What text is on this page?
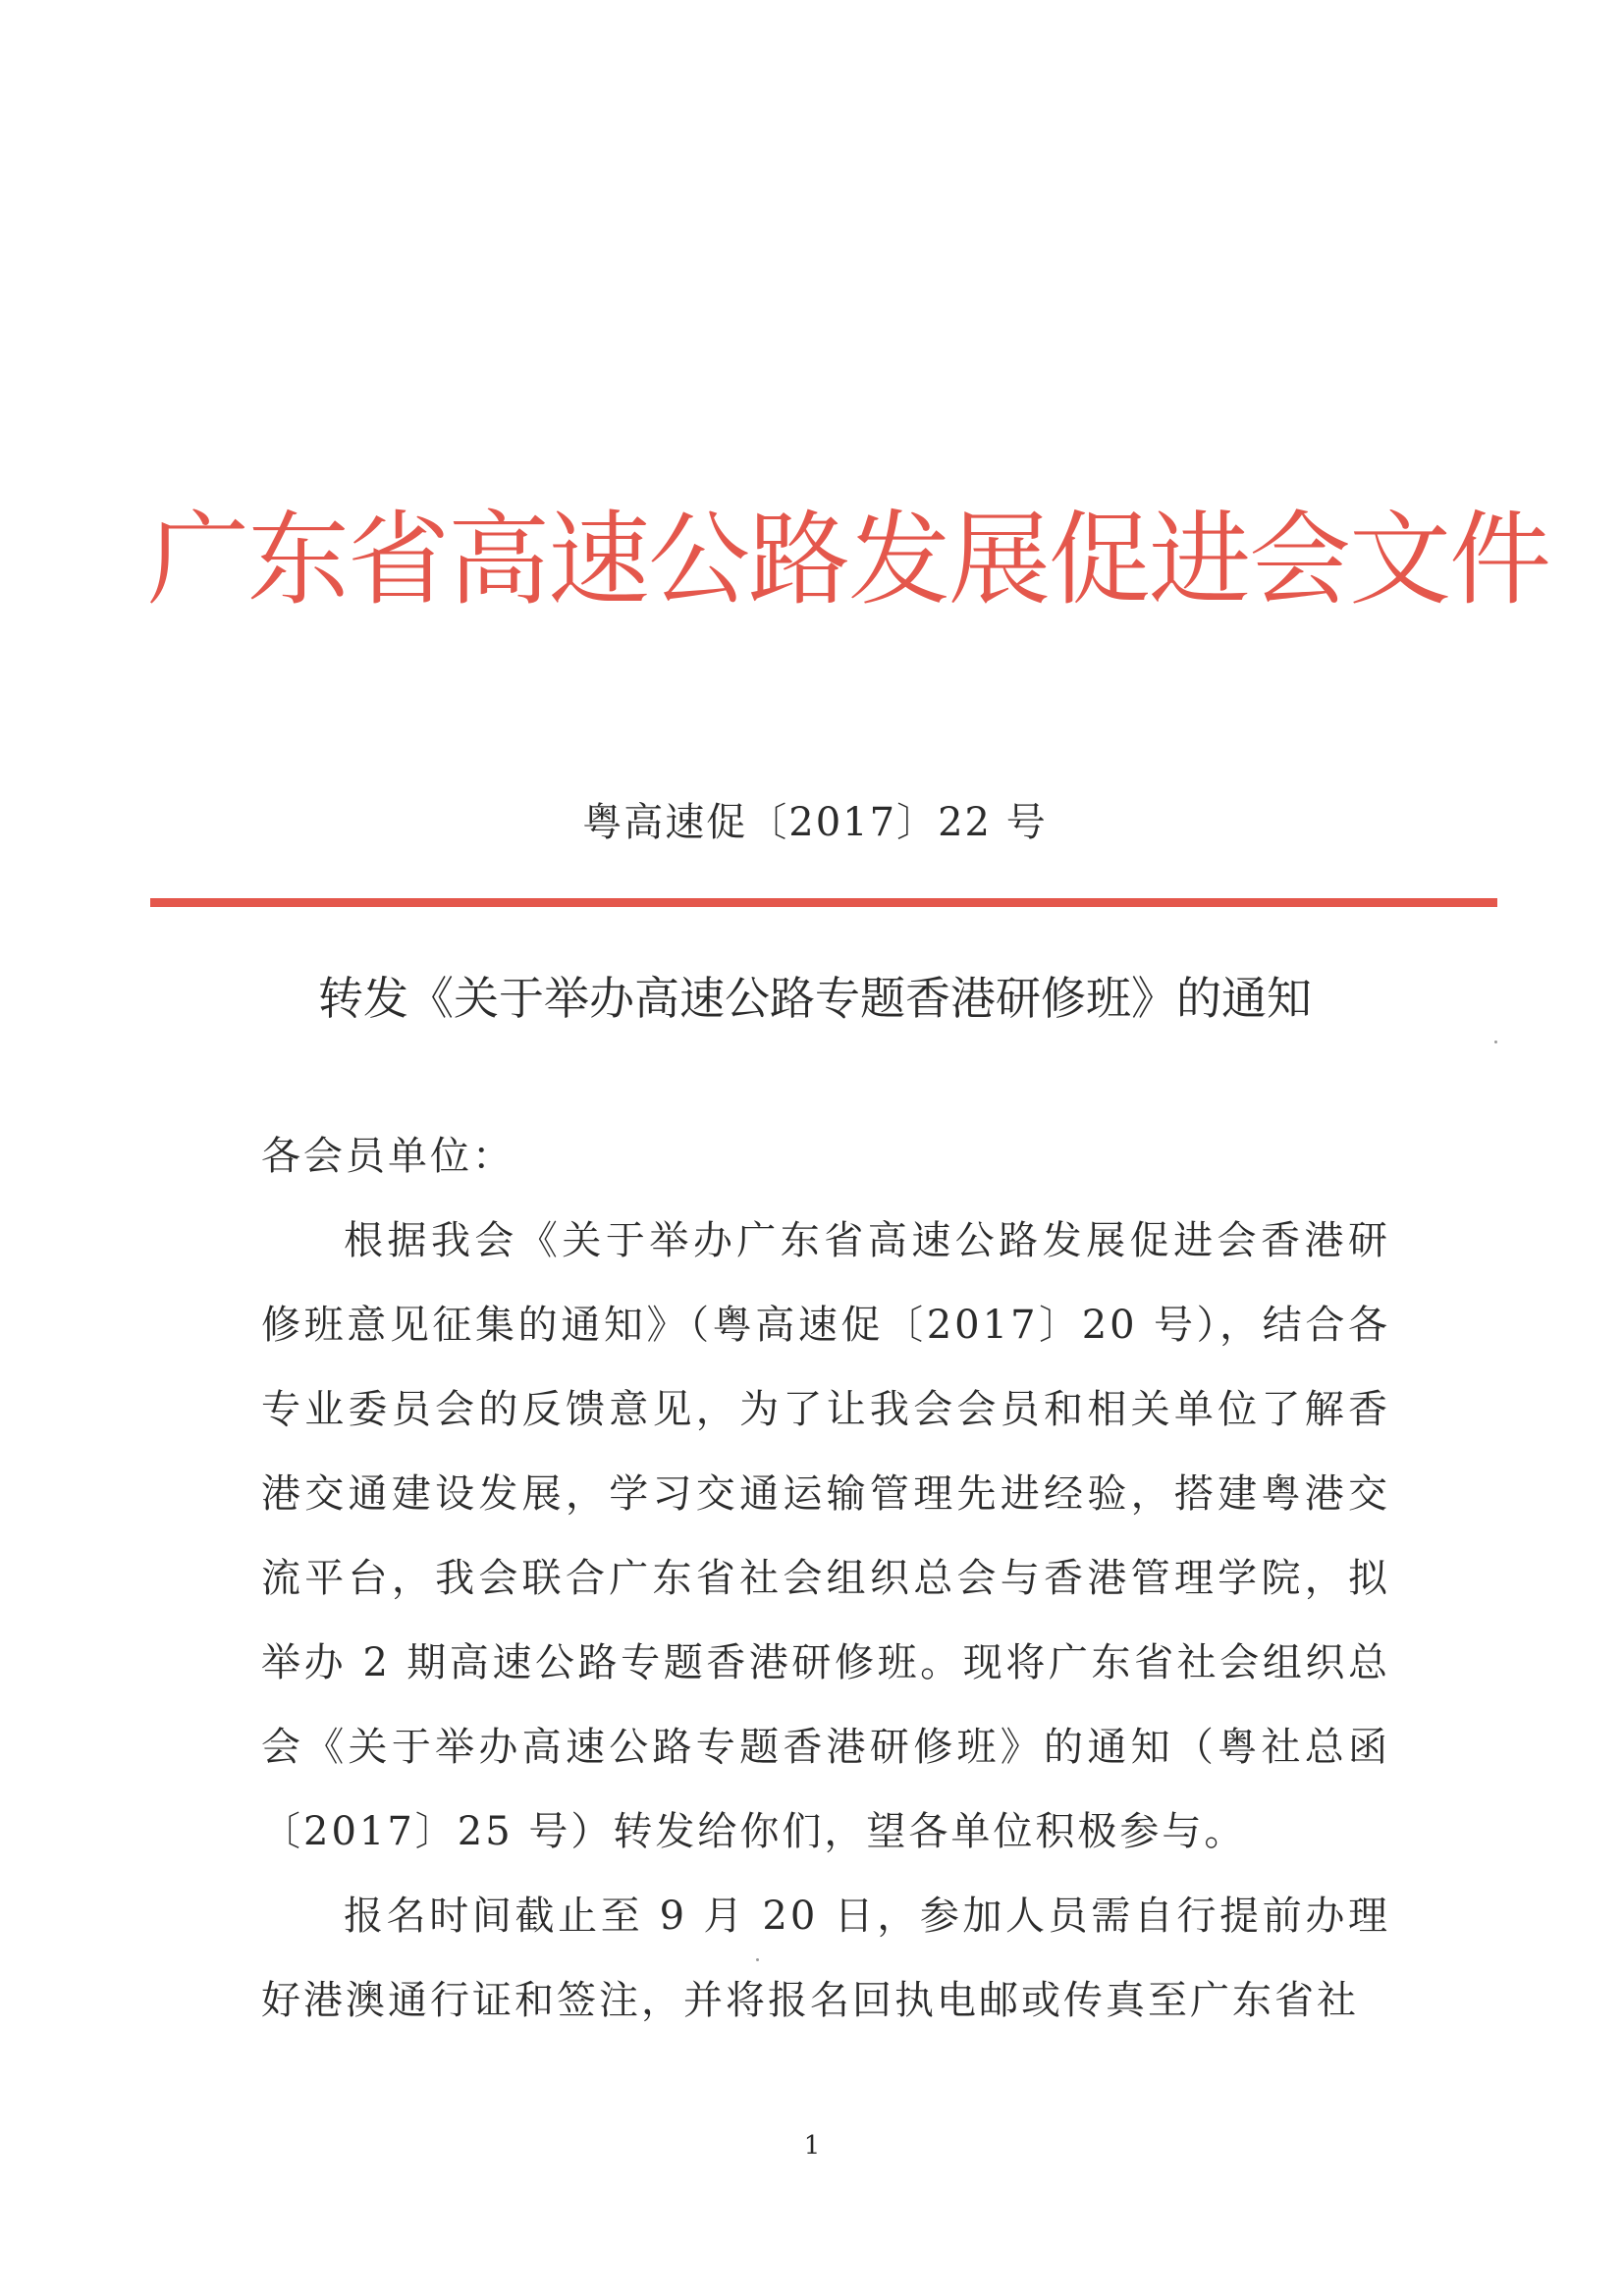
广东省高速公路发展促进会文件
粤高速促〔2017〕22 号
转发《关于举办高速公路专题香港研修班》的通知

各会员单位：

根据我会《关于举办广东省高速公路发展促进会香港研修班意见征集的通知》（粤高速促〔2017〕20 号），结合各专业委员会的反馈意见，为了让我会会员和相关单位了解香港交通建设发展，学习交通运输管理先进经验，搭建粤港交流平台，我会联合广东省社会组织总会与香港管理学院，拟举办 2 期高速公路专题香港研修班。现将广东省社会组织总会《关于举办高速公路专题香港研修班》的通知（粤社总函〔2017〕25 号）转发给你们，望各单位积极参与。

报名时间截止至 9 月 20 日，参加人员需自行提前办理好港澳通行证和签注，并将报名回执电邮或传真至广东省社

1
